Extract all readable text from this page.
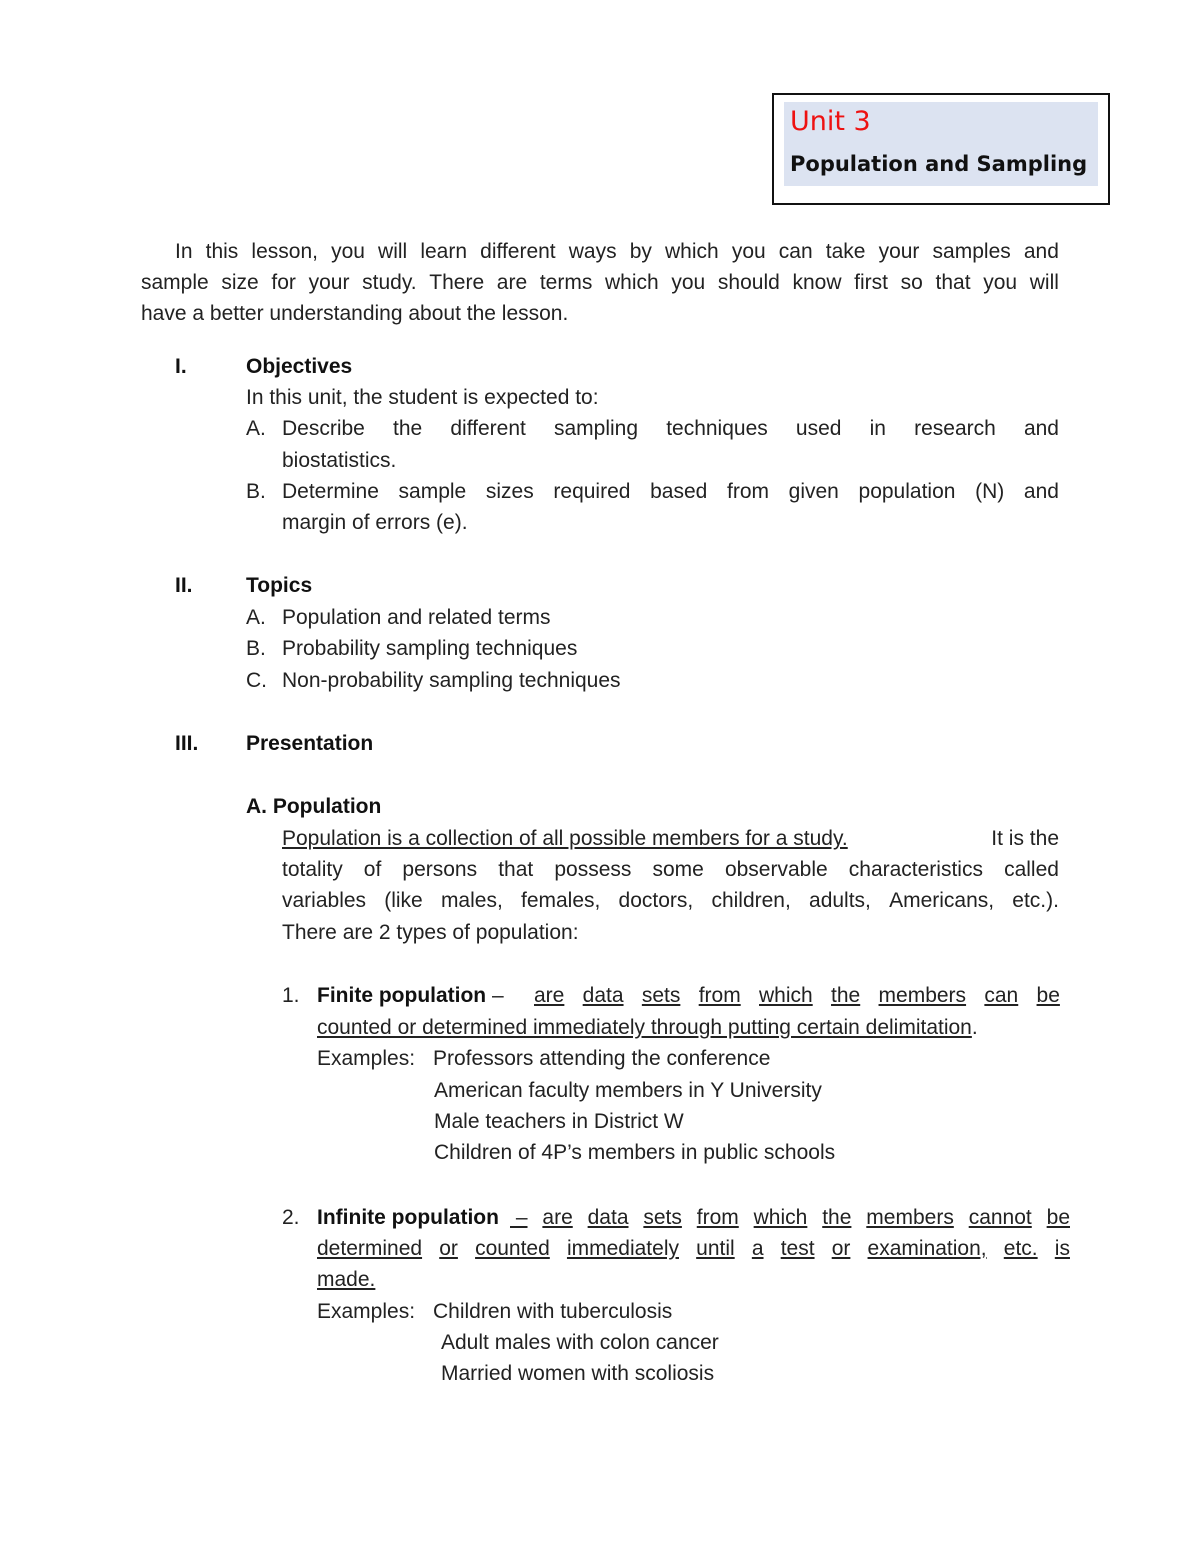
Unit 3
Population and Sampling
In this lesson, you will learn different ways by which you can take your samples and
sample size for your study. There are terms which you should know first so that you will
have a better understanding about the lesson.
I.	Objectives
In this unit, the student is expected to:
A. Describe the different sampling techniques used in research and
biostatistics.
B. Determine sample sizes required based from given population (N) and
margin of errors (e).
II.	Topics
A. Population and related terms
B. Probability sampling techniques
C. Non-probability sampling techniques
III. Presentation
A. Population
Population is a collection of all possible members for a study.	It is the
totality of persons that possess some observable characteristics called
variables (like males, females, doctors, children, adults, Americans, etc.).
There are 2 types of population:
1. Finite population – are data sets from which the members can be
counted or determined immediately through putting certain delimitation.
Examples: Professors attending the conference
American faculty members in Y University
Male teachers in District W
Children of 4P’s members in public schools
2. Infinite population – are data sets from which the members cannot be
determined or counted immediately until a test or examination, etc. is
made.
Examples: Children with tuberculosis
Adult males with colon cancer
Married women with scoliosis
